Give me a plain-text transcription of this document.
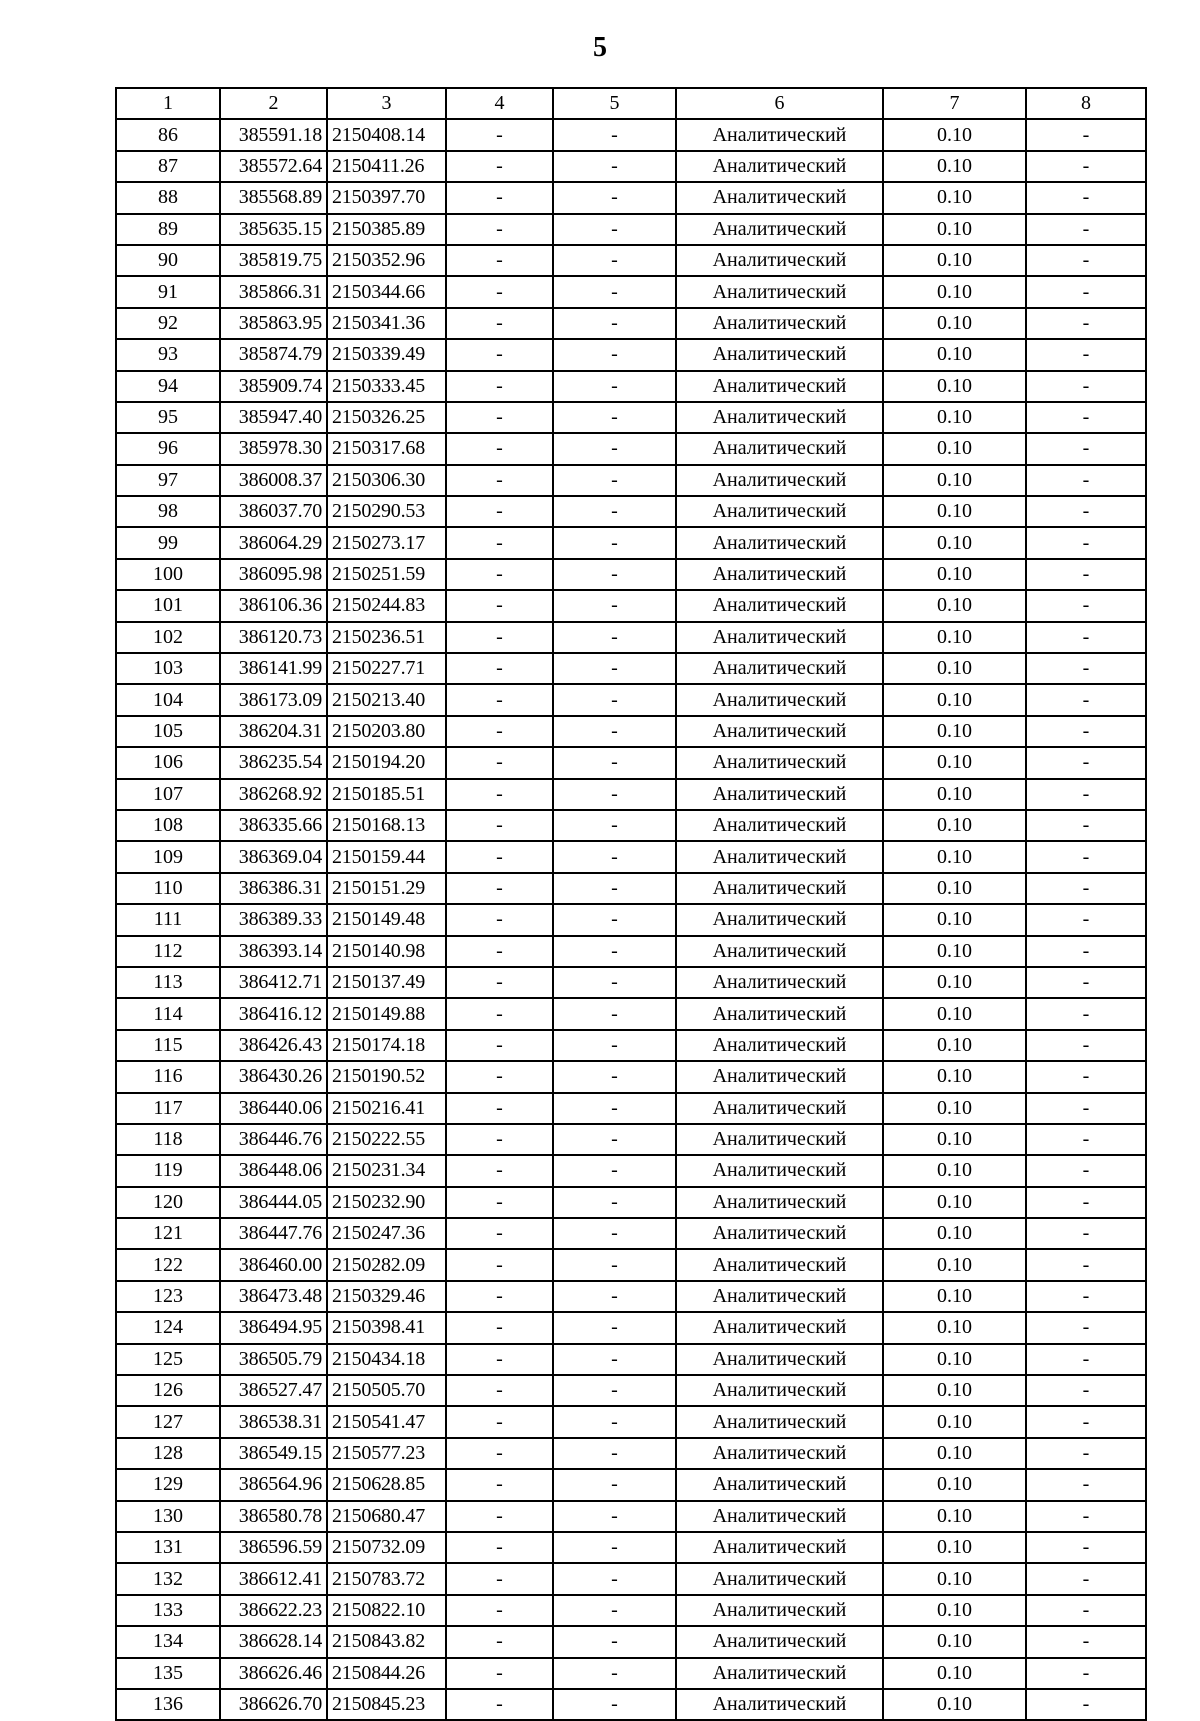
5
1	2	3	4	5	6	7	8
86	385591.18	2150408.14	-	-	Аналитический	0.10	-
87	385572.64	2150411.26	-	-	Аналитический	0.10	-
88	385568.89	2150397.70	-	-	Аналитический	0.10	-
89	385635.15	2150385.89	-	-	Аналитический	0.10	-
90	385819.75	2150352.96	-	-	Аналитический	0.10	-
91	385866.31	2150344.66	-	-	Аналитический	0.10	-
92	385863.95	2150341.36	-	-	Аналитический	0.10	-
93	385874.79	2150339.49	-	-	Аналитический	0.10	-
94	385909.74	2150333.45	-	-	Аналитический	0.10	-
95	385947.40	2150326.25	-	-	Аналитический	0.10	-
96	385978.30	2150317.68	-	-	Аналитический	0.10	-
97	386008.37	2150306.30	-	-	Аналитический	0.10	-
98	386037.70	2150290.53	-	-	Аналитический	0.10	-
99	386064.29	2150273.17	-	-	Аналитический	0.10	-
100	386095.98	2150251.59	-	-	Аналитический	0.10	-
101	386106.36	2150244.83	-	-	Аналитический	0.10	-
102	386120.73	2150236.51	-	-	Аналитический	0.10	-
103	386141.99	2150227.71	-	-	Аналитический	0.10	-
104	386173.09	2150213.40	-	-	Аналитический	0.10	-
105	386204.31	2150203.80	-	-	Аналитический	0.10	-
106	386235.54	2150194.20	-	-	Аналитический	0.10	-
107	386268.92	2150185.51	-	-	Аналитический	0.10	-
108	386335.66	2150168.13	-	-	Аналитический	0.10	-
109	386369.04	2150159.44	-	-	Аналитический	0.10	-
110	386386.31	2150151.29	-	-	Аналитический	0.10	-
111	386389.33	2150149.48	-	-	Аналитический	0.10	-
112	386393.14	2150140.98	-	-	Аналитический	0.10	-
113	386412.71	2150137.49	-	-	Аналитический	0.10	-
114	386416.12	2150149.88	-	-	Аналитический	0.10	-
115	386426.43	2150174.18	-	-	Аналитический	0.10	-
116	386430.26	2150190.52	-	-	Аналитический	0.10	-
117	386440.06	2150216.41	-	-	Аналитический	0.10	-
118	386446.76	2150222.55	-	-	Аналитический	0.10	-
119	386448.06	2150231.34	-	-	Аналитический	0.10	-
120	386444.05	2150232.90	-	-	Аналитический	0.10	-
121	386447.76	2150247.36	-	-	Аналитический	0.10	-
122	386460.00	2150282.09	-	-	Аналитический	0.10	-
123	386473.48	2150329.46	-	-	Аналитический	0.10	-
124	386494.95	2150398.41	-	-	Аналитический	0.10	-
125	386505.79	2150434.18	-	-	Аналитический	0.10	-
126	386527.47	2150505.70	-	-	Аналитический	0.10	-
127	386538.31	2150541.47	-	-	Аналитический	0.10	-
128	386549.15	2150577.23	-	-	Аналитический	0.10	-
129	386564.96	2150628.85	-	-	Аналитический	0.10	-
130	386580.78	2150680.47	-	-	Аналитический	0.10	-
131	386596.59	2150732.09	-	-	Аналитический	0.10	-
132	386612.41	2150783.72	-	-	Аналитический	0.10	-
133	386622.23	2150822.10	-	-	Аналитический	0.10	-
134	386628.14	2150843.82	-	-	Аналитический	0.10	-
135	386626.46	2150844.26	-	-	Аналитический	0.10	-
136	386626.70	2150845.23	-	-	Аналитический	0.10	-
